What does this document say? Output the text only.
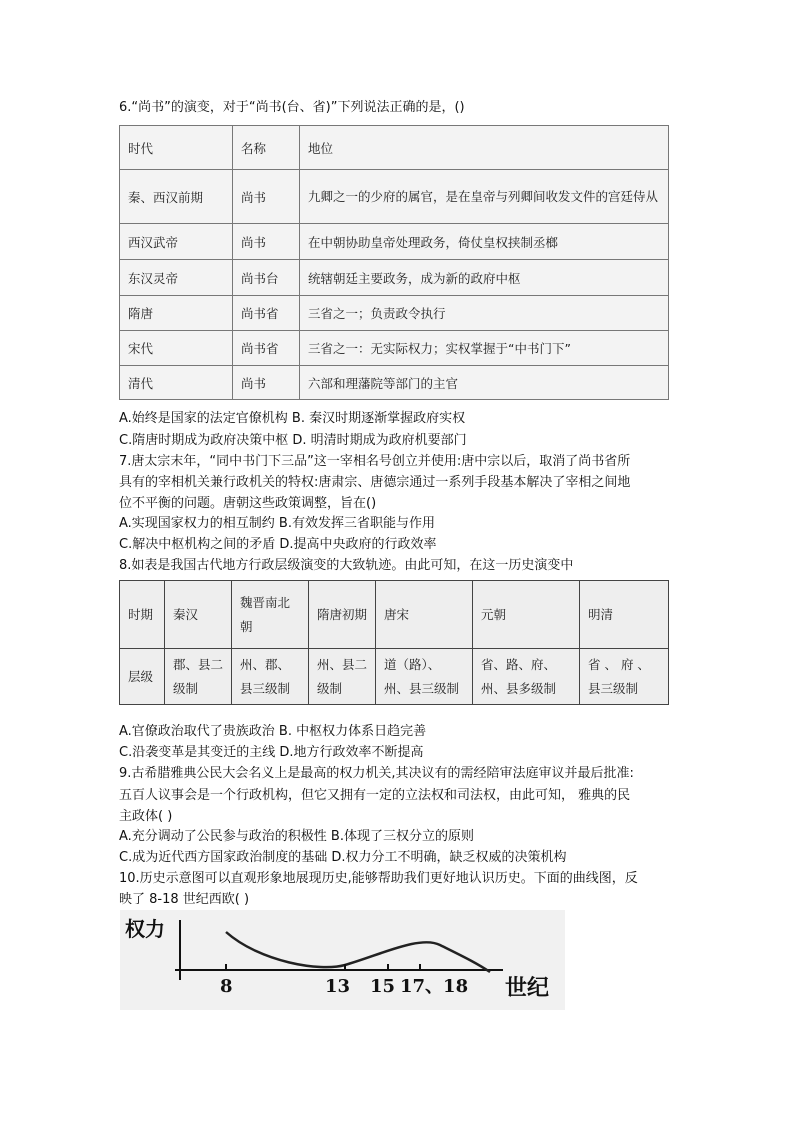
6.“尚书”的演变，对于“尚书(台、省)”下列说法正确的是，()
时代	名称	地位
秦、西汉前期	尚书	九卿之一的少府的属官，是在皇帝与列卿间收发文件的宫廷侍从
西汉武帝	尚书	在中朝协助皇帝处理政务，倚仗皇权挟制丞榔
东汉灵帝	尚书台	统辖朝廷主要政务，成为新的政府中枢
隋唐	尚书省	三省之一；负责政令执行
宋代	尚书省	三省之一：无实际权力；实权掌握于“中书门下”
清代	尚书	六部和理藩院等部门的主官
A.始终是国家的法定官僚机构 B. 秦汉时期逐渐掌握政府实权
C.隋唐时期成为政府决策中枢 D. 明清时期成为政府机要部门
7.唐太宗末年，“同中书门下三品”这一宰相名号创立并使用:唐中宗以后，取消了尚书省所
具有的宰相机关兼行政机关的特权:唐肃宗、唐德宗通过一系列手段基本解决了宰相之间地
位不平衡的问题。唐朝这些政策调整，旨在()
A.实现国家权力的相互制约 B.有效发挥三省职能与作用
C.解决中枢机构之间的矛盾 D.提高中央政府的行政效率
8.如表是我国古代地方行政层级演变的大致轨迹。由此可知，在这一历史演变中
时期	秦汉	魏晋南北朝	隋唐初期	唐宋	元朝	明清
层级	郡、县二级制	州、郡、县三级制	州、县二级制	道（路）、州、县三级制	省、路、府、州、县多级制	省 、 府 、县三级制
A.官僚政治取代了贵族政治 B. 中枢权力体系日趋完善
C.沿袭变革是其变迁的主线 D.地方行政效率不断提高
9.古希腊雅典公民大会名义上是最高的权力机关,其决议有的需经陪审法庭审议并最后批准:
五百人议事会是一个行政机构，但它又拥有一定的立法权和司法权，由此可知， 雅典的民
主政体( )
A.充分调动了公民参与政治的积极性 B.体现了三权分立的原则
C.成为近代西方国家政治制度的基础 D.权力分工不明确，缺乏权威的决策机构
10.历史示意图可以直观形象地展现历史,能够帮助我们更好地认识历史。下面的曲线图，反
映了 8-18 世纪西欧( )
权力
8	13 15 17、18 世纪
